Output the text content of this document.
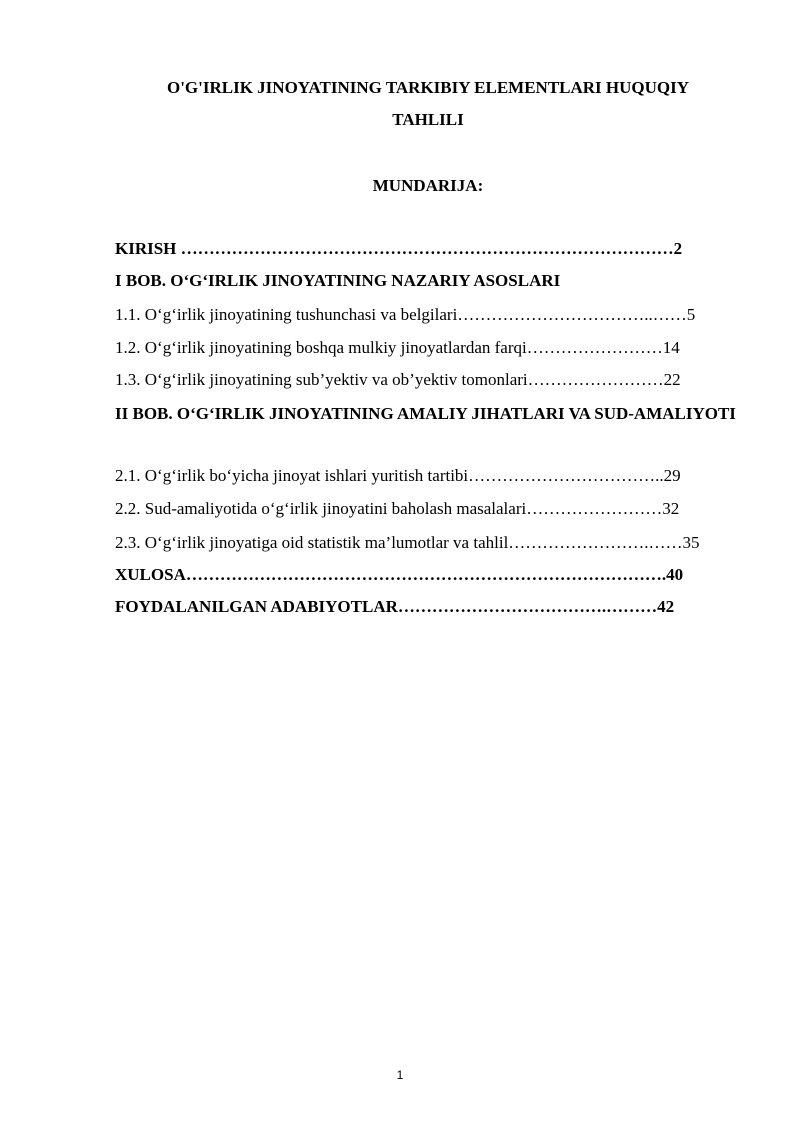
O'G'IRLIK JINOYATINING TARKIBIY ELEMENTLARI HUQUQIY
TAHLILI
MUNDARIJA:
KIRISH ……………………………………………………………………………2
I BOB. O‘G‘IRLIK JINOYATINING NAZARIY ASOSLARI
1.1. O‘g‘irlik jinoyatining tushunchasi va belgilari……………………………..……5
1.2. O‘g‘irlik jinoyatining boshqa mulkiy jinoyatlardan farqi……………………14
1.3. O‘g‘irlik jinoyatining sub’yektiv va ob’yektiv tomonlari……………………22
II BOB. O‘G‘IRLIK JINOYATINING AMALIY JIHATLARI VA SUD-AMALIYOTI
2.1. O‘g‘irlik bo‘yicha jinoyat ishlari yuritish tartibi……………………………..29
2.2. Sud-amaliyotida o‘g‘irlik jinoyatini baholash masalalari……………………32
2.3. O‘g‘irlik jinoyatiga oid statistik ma’lumotlar va tahlil…………………….……35
XULOSA………………………………………………………………………….40
FOYDALANILGAN ADABIYOTLAR……………………………….………42
1
